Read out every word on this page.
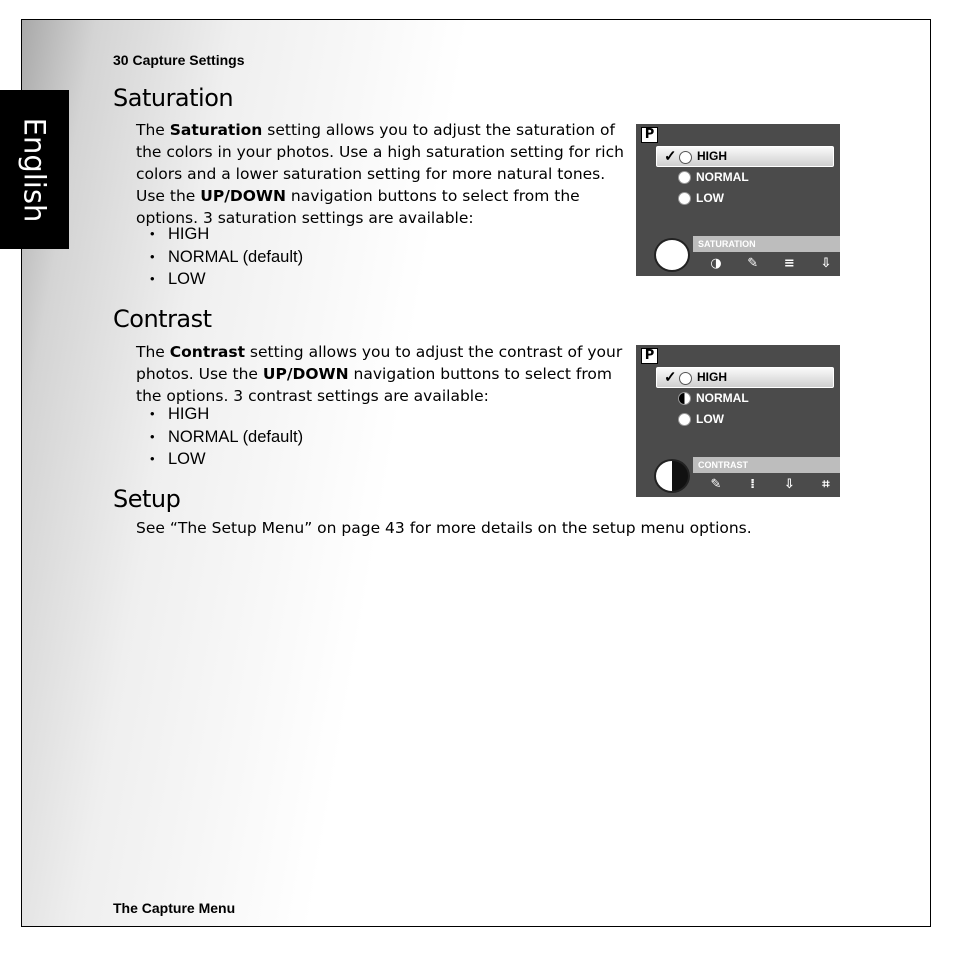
English
30 Capture Settings
Saturation

The Saturation setting allows you to adjust the saturation of the colors in your photos. Use a high saturation setting for rich colors and a lower saturation setting for more natural tones. Use the UP/DOWN navigation buttons to select from the options. 3 saturation settings are available:

• HIGH
• NORMAL (default)
• LOW
P
✓ HIGH
NORMAL
LOW
SATURATION
◑	✎	≡	⇩
Contrast

The Contrast setting allows you to adjust the contrast of your photos. Use the UP/DOWN navigation buttons to select from the options. 3 contrast settings are available:

• HIGH
• NORMAL (default)
• LOW
P
✓ HIGH
NORMAL
LOW
CONTRAST
✎	⁞	⇩	⌗
Setup
See “The Setup Menu” on page 43 for more details on the setup menu options.
The Capture Menu
